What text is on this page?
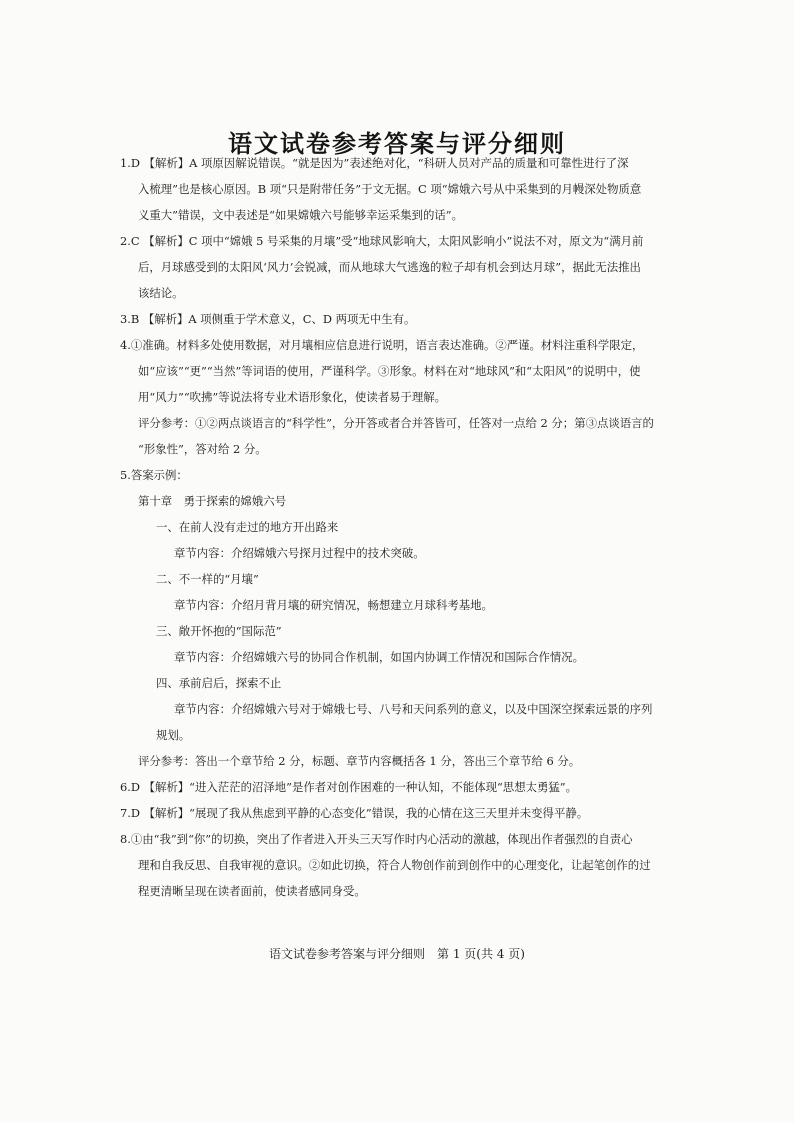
语文试卷参考答案与评分细则
1.D 【解析】A 项原因解说错误。“就是因为”表述绝对化，“科研人员对产品的质量和可靠性进行了深
入梳理”也是核心原因。B 项“只是附带任务”于文无据。C 项“嫦娥六号从中采集到的月幔深处物质意
义重大”错误，文中表述是“如果嫦娥六号能够幸运采集到的话”。
2.C 【解析】C 项中“嫦娥 5 号采集的月壤”受“地球风影响大，太阳风影响小”说法不对，原文为“满月前
后，月球感受到的太阳风‘风力’会锐减，而从地球大气逃逸的粒子却有机会到达月球”，据此无法推出
该结论。
3.B 【解析】A 项侧重于学术意义，C、D 两项无中生有。
4.①准确。材料多处使用数据，对月壤相应信息进行说明，语言表达准确。②严谨。材料注重科学限定，
如“应该”“更”“当然”等词语的使用，严谨科学。③形象。材料在对“地球风”和“太阳风”的说明中，使
用“风力”“吹拂”等说法将专业术语形象化，使读者易于理解。
评分参考：①②两点谈语言的“科学性”，分开答或者合并答皆可，任答对一点给 2 分；第③点谈语言的
“形象性”，答对给 2 分。
5.答案示例：
第十章　勇于探索的嫦娥六号
一、在前人没有走过的地方开出路来
章节内容：介绍嫦娥六号探月过程中的技术突破。
二、不一样的“月壤”
章节内容：介绍月背月壤的研究情况，畅想建立月球科考基地。
三、敞开怀抱的“国际范”
章节内容：介绍嫦娥六号的协同合作机制，如国内协调工作情况和国际合作情况。
四、承前启后，探索不止
章节内容：介绍嫦娥六号对于嫦娥七号、八号和天问系列的意义，以及中国深空探索远景的序列
规划。
评分参考：答出一个章节给 2 分，标题、章节内容概括各 1 分，答出三个章节给 6 分。
6.D 【解析】“进入茫茫的沼泽地”是作者对创作困难的一种认知，不能体现“思想太勇猛”。
7.D 【解析】“展现了我从焦虑到平静的心态变化”错误，我的心情在这三天里并未变得平静。
8.①由“我”到“你”的切换，突出了作者进入开头三天写作时内心活动的激越，体现出作者强烈的自责心
理和自我反思、自我审视的意识。②如此切换，符合人物创作前到创作中的心理变化，让起笔创作的过
程更清晰呈现在读者面前，使读者感同身受。
语文试卷参考答案与评分细则　第 1 页(共 4 页)
